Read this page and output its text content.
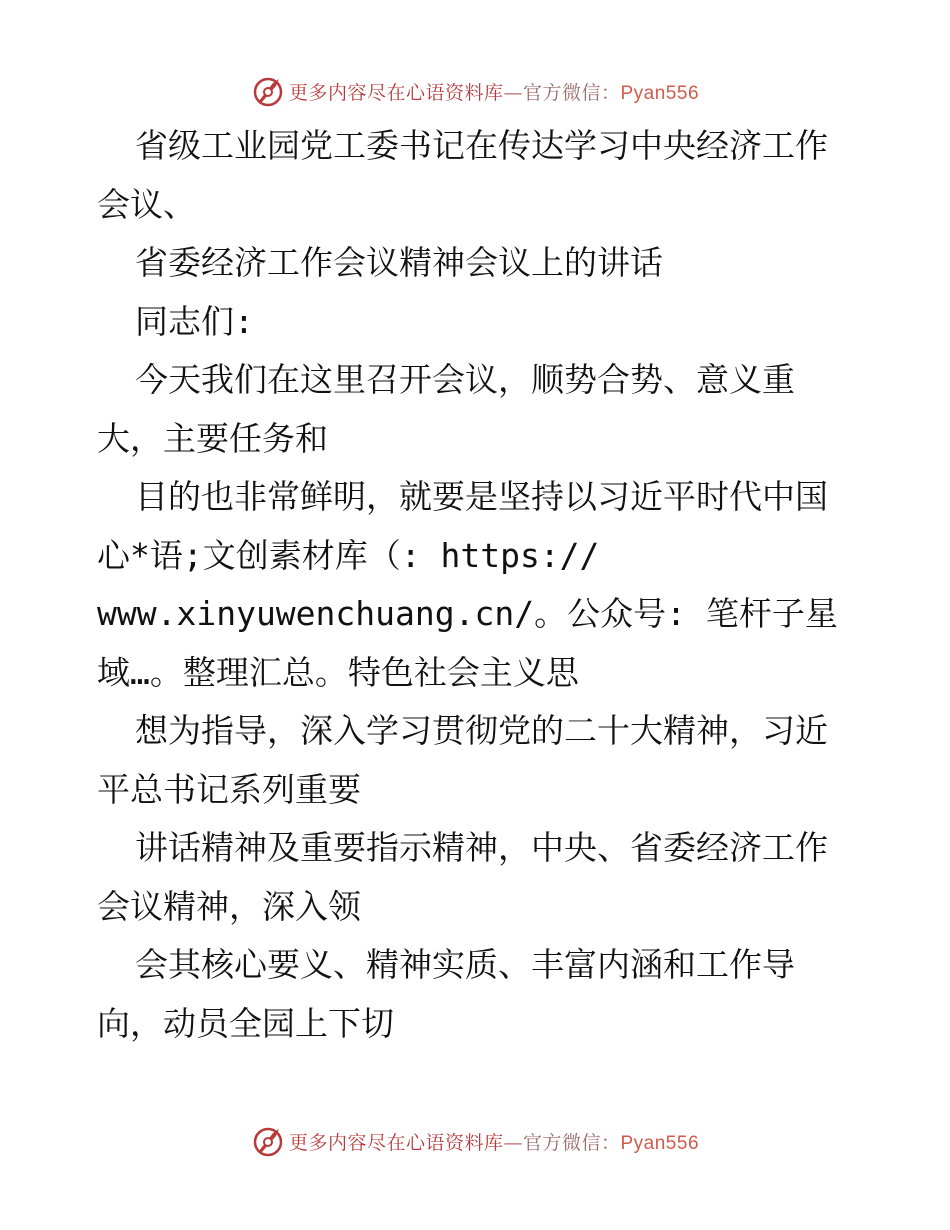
更多内容尽在心语资料库—官方微信：Pyan556
省级工业园党工委书记在传达学习中央经济工作
会议、
省委经济工作会议精神会议上的讲话
同志们:
今天我们在这里召开会议，顺势合势、意义重
大，主要任务和
目的也非常鲜明，就要是坚持以习近平时代中国
心*语;文创素材库（: https://
www.xinyuwenchuang.cn/。公众号: 笔杆子星
域…。整理汇总。特色社会主义思
想为指导，深入学习贯彻党的二十大精神，习近
平总书记系列重要
讲话精神及重要指示精神，中央、省委经济工作
会议精神，深入领
会其核心要义、精神实质、丰富内涵和工作导
向，动员全园上下切
更多内容尽在心语资料库—官方微信：Pyan556
